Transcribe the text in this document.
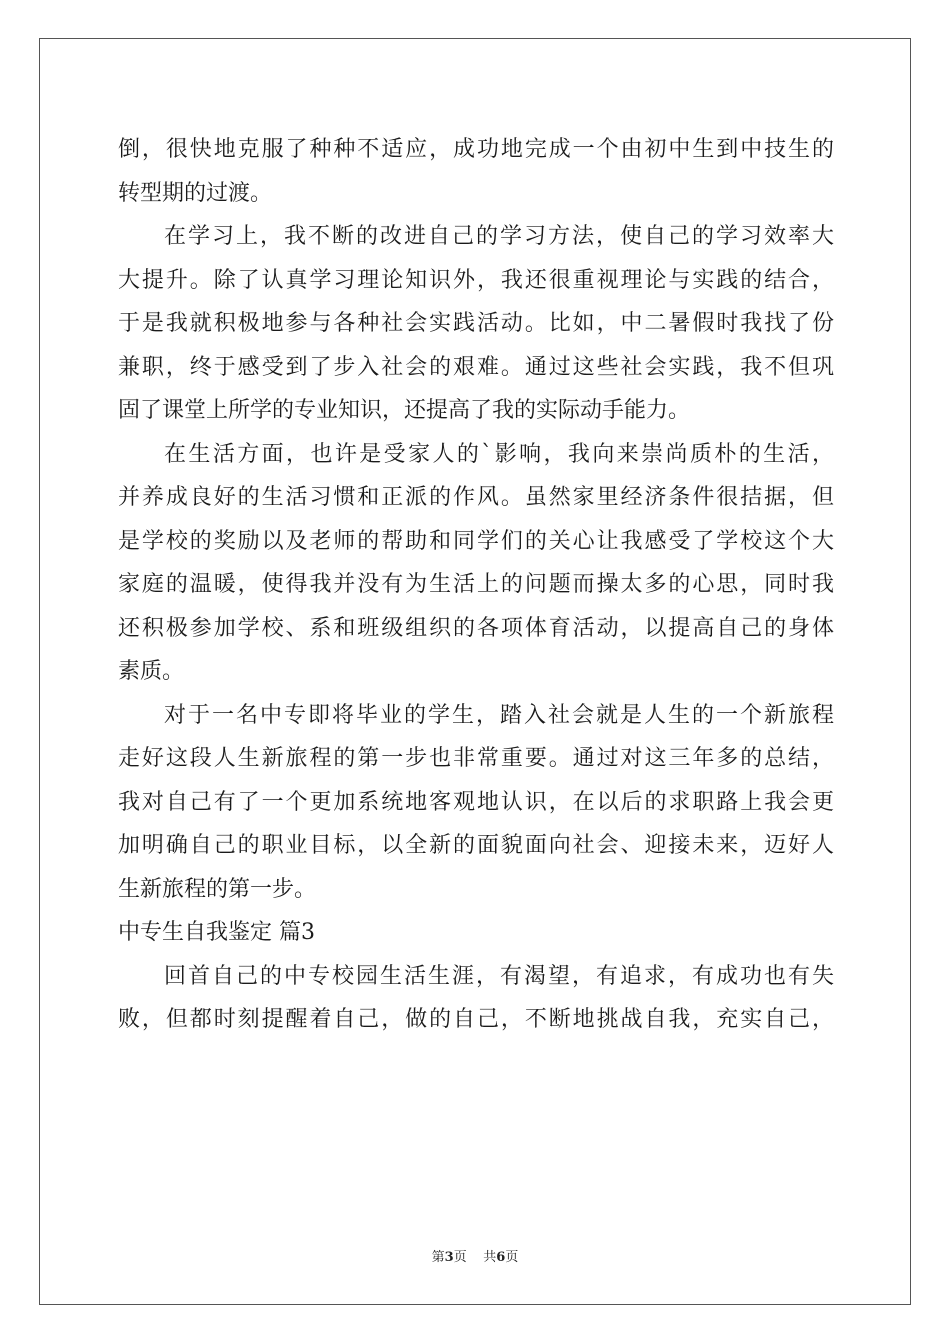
倒，很快地克服了种种不适应，成功地完成一个由初中生到中技生的
转型期的过渡。
在学习上，我不断的改进自己的学习方法，使自己的学习效率大
大提升。除了认真学习理论知识外，我还很重视理论与实践的结合，
于是我就积极地参与各种社会实践活动。比如，中二暑假时我找了份
兼职，终于感受到了步入社会的艰难。通过这些社会实践，我不但巩
固了课堂上所学的专业知识，还提高了我的实际动手能力。
在生活方面，也许是受家人的`影响，我向来崇尚质朴的生活，
并养成良好的生活习惯和正派的作风。虽然家里经济条件很拮据，但
是学校的奖励以及老师的帮助和同学们的关心让我感受了学校这个大
家庭的温暖，使得我并没有为生活上的问题而操太多的心思，同时我
还积极参加学校、系和班级组织的各项体育活动，以提高自己的身体
素质。
对于一名中专即将毕业的学生，踏入社会就是人生的一个新旅程
走好这段人生新旅程的第一步也非常重要。通过对这三年多的总结，
我对自己有了一个更加系统地客观地认识，在以后的求职路上我会更
加明确自己的职业目标，以全新的面貌面向社会、迎接未来，迈好人
生新旅程的第一步。
中专生自我鉴定 篇3
回首自己的中专校园生活生涯，有渴望，有追求，有成功也有失
败，但都时刻提醒着自己，做的自己，不断地挑战自我，充实自己，
第3页 共6页
